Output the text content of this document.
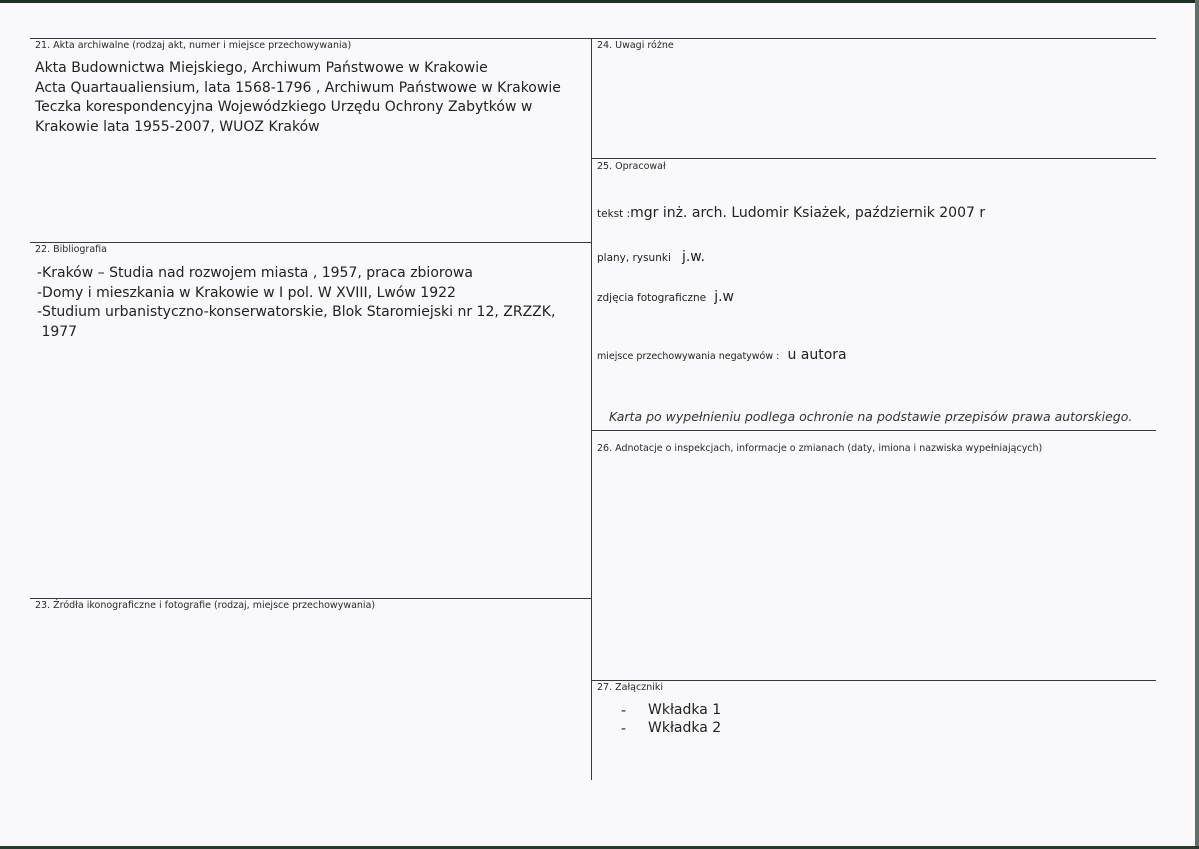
21. Akta archiwalne (rodzaj akt, numer i miejsce przechowywania)
Akta Budownictwa Miejskiego, Archiwum Państwowe w Krakowie
Acta Quartaualiensium, lata 1568-1796 , Archiwum Państwowe w Krakowie
Teczka korespondencyjna Wojewódzkiego Urzędu Ochrony Zabytków w
Krakowie lata 1955-2007, WUOZ Kraków
22. Bibliografia
-Kraków – Studia nad rozwojem miasta , 1957, praca zbiorowa
-Domy i mieszkania w Krakowie w I pol. W XVIII, Lwów 1922
-Studium urbanistyczno-konserwatorskie, Blok Staromiejski nr 12, ZRZZK,
1977
23. Źródła ikonograficzne i fotografie (rodzaj, miejsce przechowywania)
24. Uwagi różne
25. Opracował
tekst :mgr inż. arch. Ludomir Ksiażek, październik 2007 r
plany, rysunki j.w.
zdjęcia fotograficzne j.w
miejsce przechowywania negatywów : u autora
Karta po wypełnieniu podlega ochronie na podstawie przepisów prawa autorskiego.
26. Adnotacje o inspekcjach, informacje o zmianach (daty, imiona i nazwiska wypełniających)
27. Załączniki
- Wkładka 1
- Wkładka 2
